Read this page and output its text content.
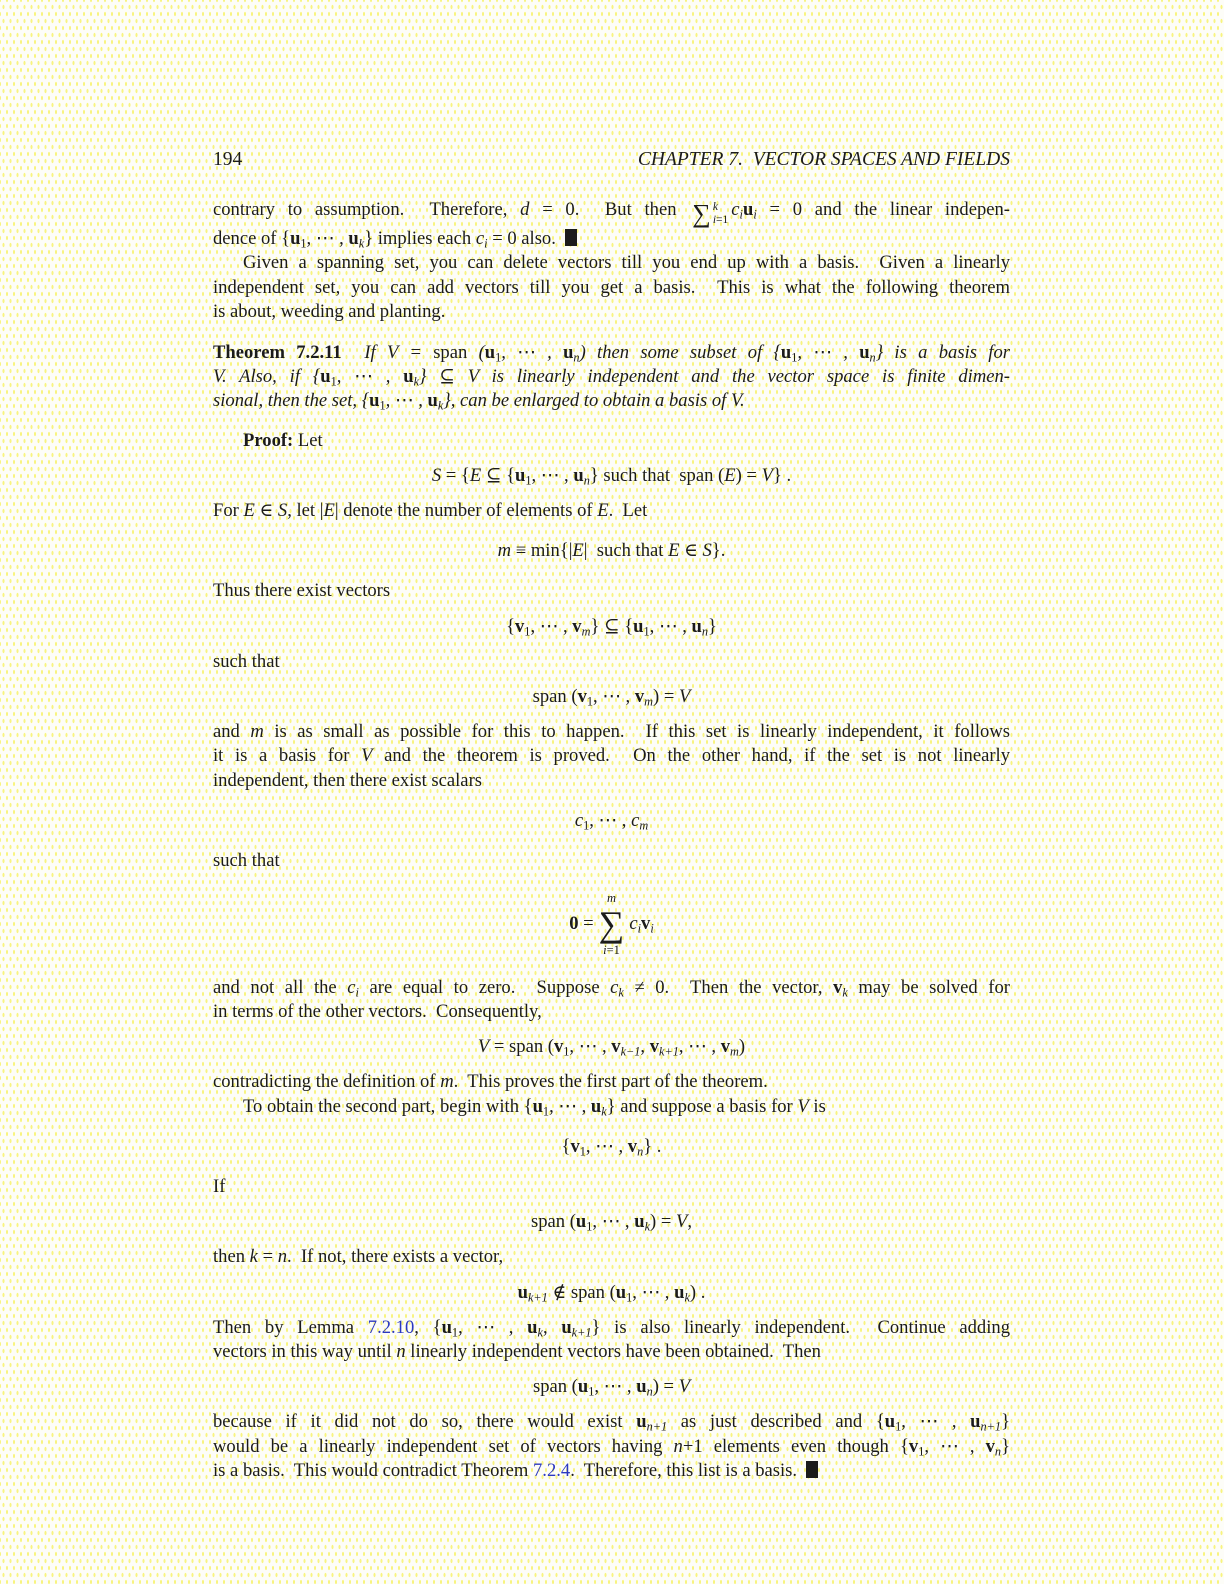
194	CHAPTER 7.  VECTOR SPACES AND FIELDS
contrary to assumption.  Therefore, d = 0.  But then ∑ k
i=1 $c_iu_i = 0$ and the linear indepen-
dence of {$u_1$, ⋯ , $u_k$} implies each $c_i = 0$ also.
Given a spanning set, you can delete vectors till you end up with a basis.  Given a linearly
independent set, you can add vectors till you get a basis.  This is what the following theorem
is about, weeding and planting.
Theorem 7.2.11  If V = span ($u_1$, ⋯ , $u_n$) then some subset of {$u_1$, ⋯ , $u_n$} is a basis for
V. Also, if {$u_1$, ⋯ , $u_k$} ⊆ V is linearly independent and the vector space is finite dimen-
sional, then the set, {$u_1$, ⋯ , $u_k$}, can be enlarged to obtain a basis of V.
Proof: Let
S = {E ⊆ {$u_1$, ⋯ , $u_n$} such that  span (E) = V} .
For E ∈ S, let |E| denote the number of elements of E.  Let
m ≡ min{|E|  such that E ∈ S}.
Thus there exist vectors
{$v_1$, ⋯ , $v_m$} ⊆ {$u_1$, ⋯ , $u_n$}
such that
span ($v_1$, ⋯ , $v_m) = V$
and m is as small as possible for this to happen.  If this set is linearly independent, it follows
it is a basis for V and the theorem is proved.  On the other hand, if the set is not linearly
independent, then there exist scalars
$c_1$, ⋯ , $c_m$
such that
0 =
m
∑
i=1
$c_iv_i$
and not all the $c_i$ are equal to zero.  Suppose $c_k \ne 0$.  Then the vector, $v_k$ may be solved for
in terms of the other vectors.  Consequently,
V = span ($v_1$, ⋯ , $v_{k-1}$, $v_{k+1}$, ⋯ , $v_m$)
contradicting the definition of m.  This proves the first part of the theorem.
To obtain the second part, begin with {$u_1$, ⋯ , $u_k$} and suppose a basis for V is
{$v_1$, ⋯ , $v_n$} .
If
span ($u_1$, ⋯ , $u_k) = V$,
then k = n.  If not, there exists a vector,
$u_{k+1}$ ∉ span ($u_1$, ⋯ , $u_k$) .
Then by Lemma 7.2.10, {$u_1$, ⋯ , $u_k$, $u_{k+1}$} is also linearly independent.  Continue adding
vectors in this way until n linearly independent vectors have been obtained.  Then
span ($u_1$, ⋯ , $u_n) = V$
because if it did not do so, there would exist $u_{n+1}$ as just described and {$u_1$, ⋯ , $u_{n+1}$}
would be a linearly independent set of vectors having n+1 elements even though {$v_1$, ⋯ , $v_n$}
is a basis.  This would contradict Theorem 7.2.4.  Therefore, this list is a basis.
